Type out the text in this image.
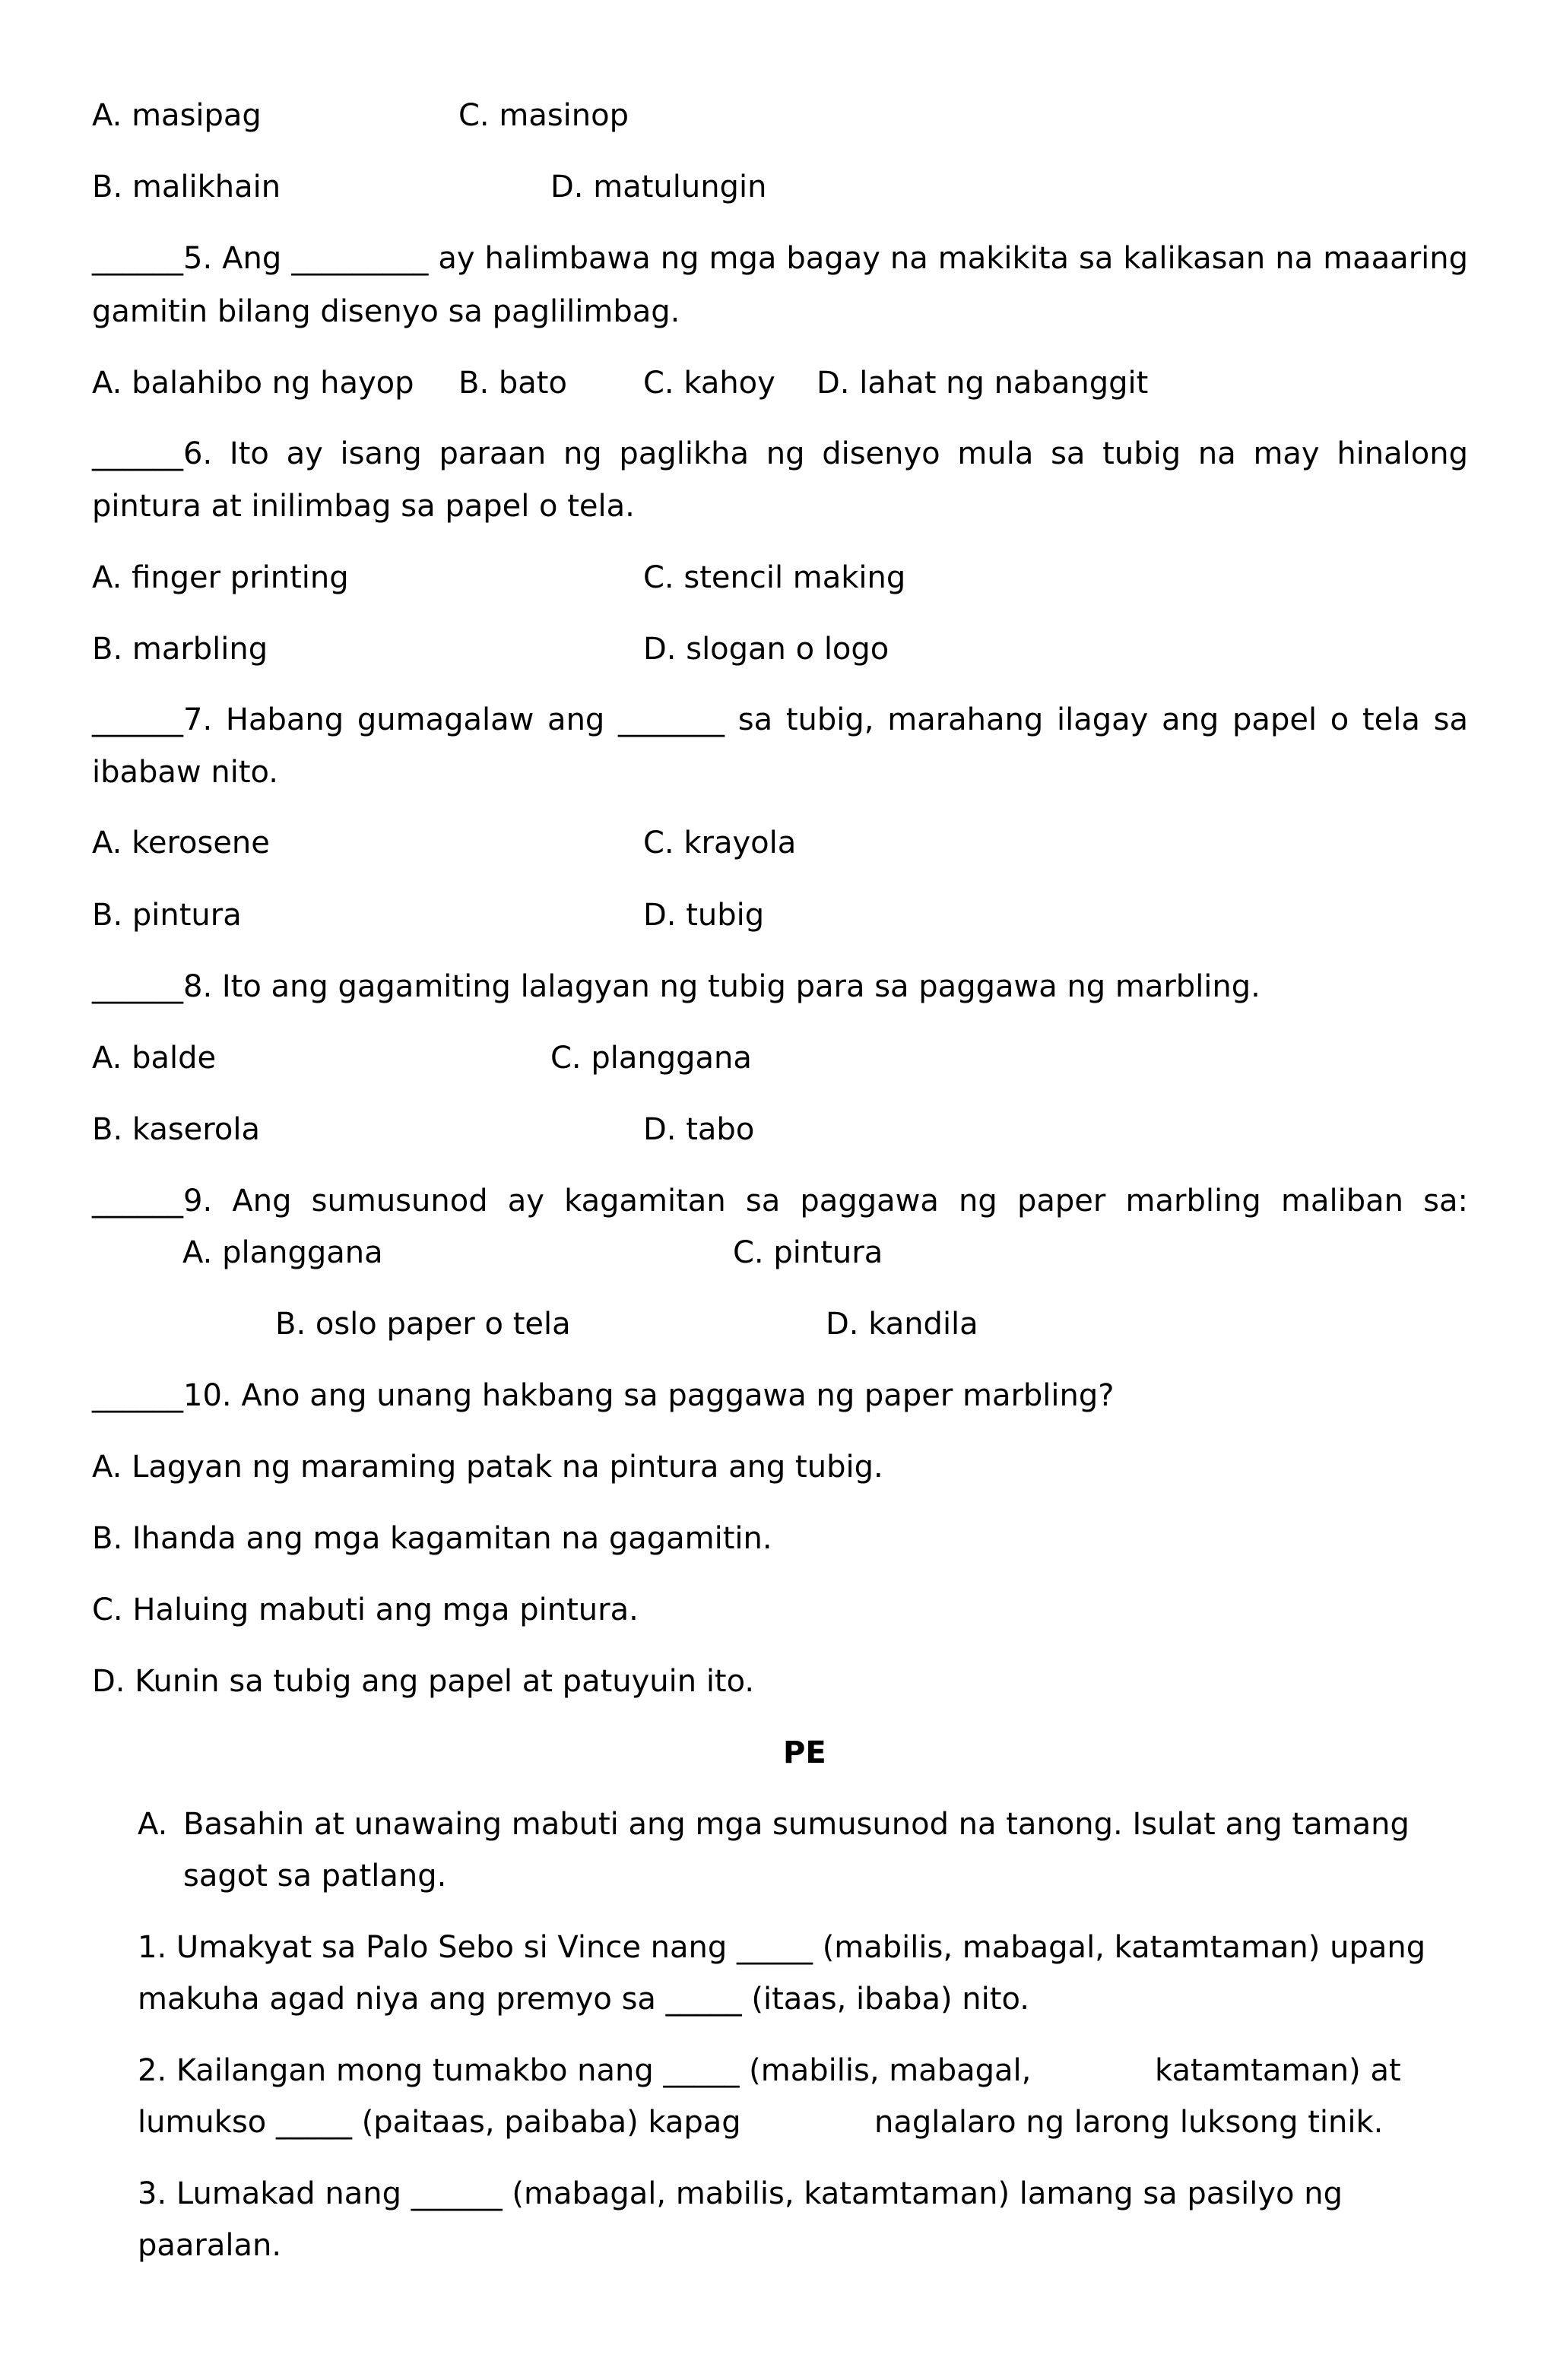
A. masipag	C. masinop
B. malikhain	D. matulungin
______5. Ang _________ ay halimbawa ng mga bagay na makikita sa kalikasan na maaaring
gamitin bilang disenyo sa paglilimbag.
A. balahibo ng hayop B. bato	C. kahoy D. lahat ng nabanggit
______6. Ito ay isang paraan ng paglikha ng disenyo mula sa tubig na may hinalong
pintura at inilimbag sa papel o tela.
A. finger printing	C. stencil making
B. marbling	D. slogan o logo
______7. Habang gumagalaw ang _______ sa tubig, marahang ilagay ang papel o tela sa
ibabaw nito.
A. kerosene	C. krayola
B. pintura	D. tubig
______8. Ito ang gagamiting lalagyan ng tubig para sa paggawa ng marbling.
A. balde	C. planggana
B. kaserola	D. tabo
______9. Ang sumusunod ay kagamitan sa paggawa ng paper marbling maliban sa:
A. planggana	C. pintura
B. oslo paper o tela	D. kandila
______10. Ano ang unang hakbang sa paggawa ng paper marbling?
A. Lagyan ng maraming patak na pintura ang tubig.
B. Ihanda ang mga kagamitan na gagamitin.
C. Haluing mabuti ang mga pintura.
D. Kunin sa tubig ang papel at patuyuin ito.
PE
A. Basahin at unawaing mabuti ang mga sumusunod na tanong. Isulat ang tamang
sagot sa patlang.
1. Umakyat sa Palo Sebo si Vince nang _____ (mabilis, mabagal, katamtaman) upang
makuha agad niya ang premyo sa _____ (itaas, ibaba) nito.
2. Kailangan mong tumakbo nang _____ (mabilis, mabagal,	katamtaman) at
lumukso _____ (paitaas, paibaba) kapag	naglalaro ng larong luksong tinik.
3. Lumakad nang ______ (mabagal, mabilis, katamtaman) lamang sa pasilyo ng
paaralan.
